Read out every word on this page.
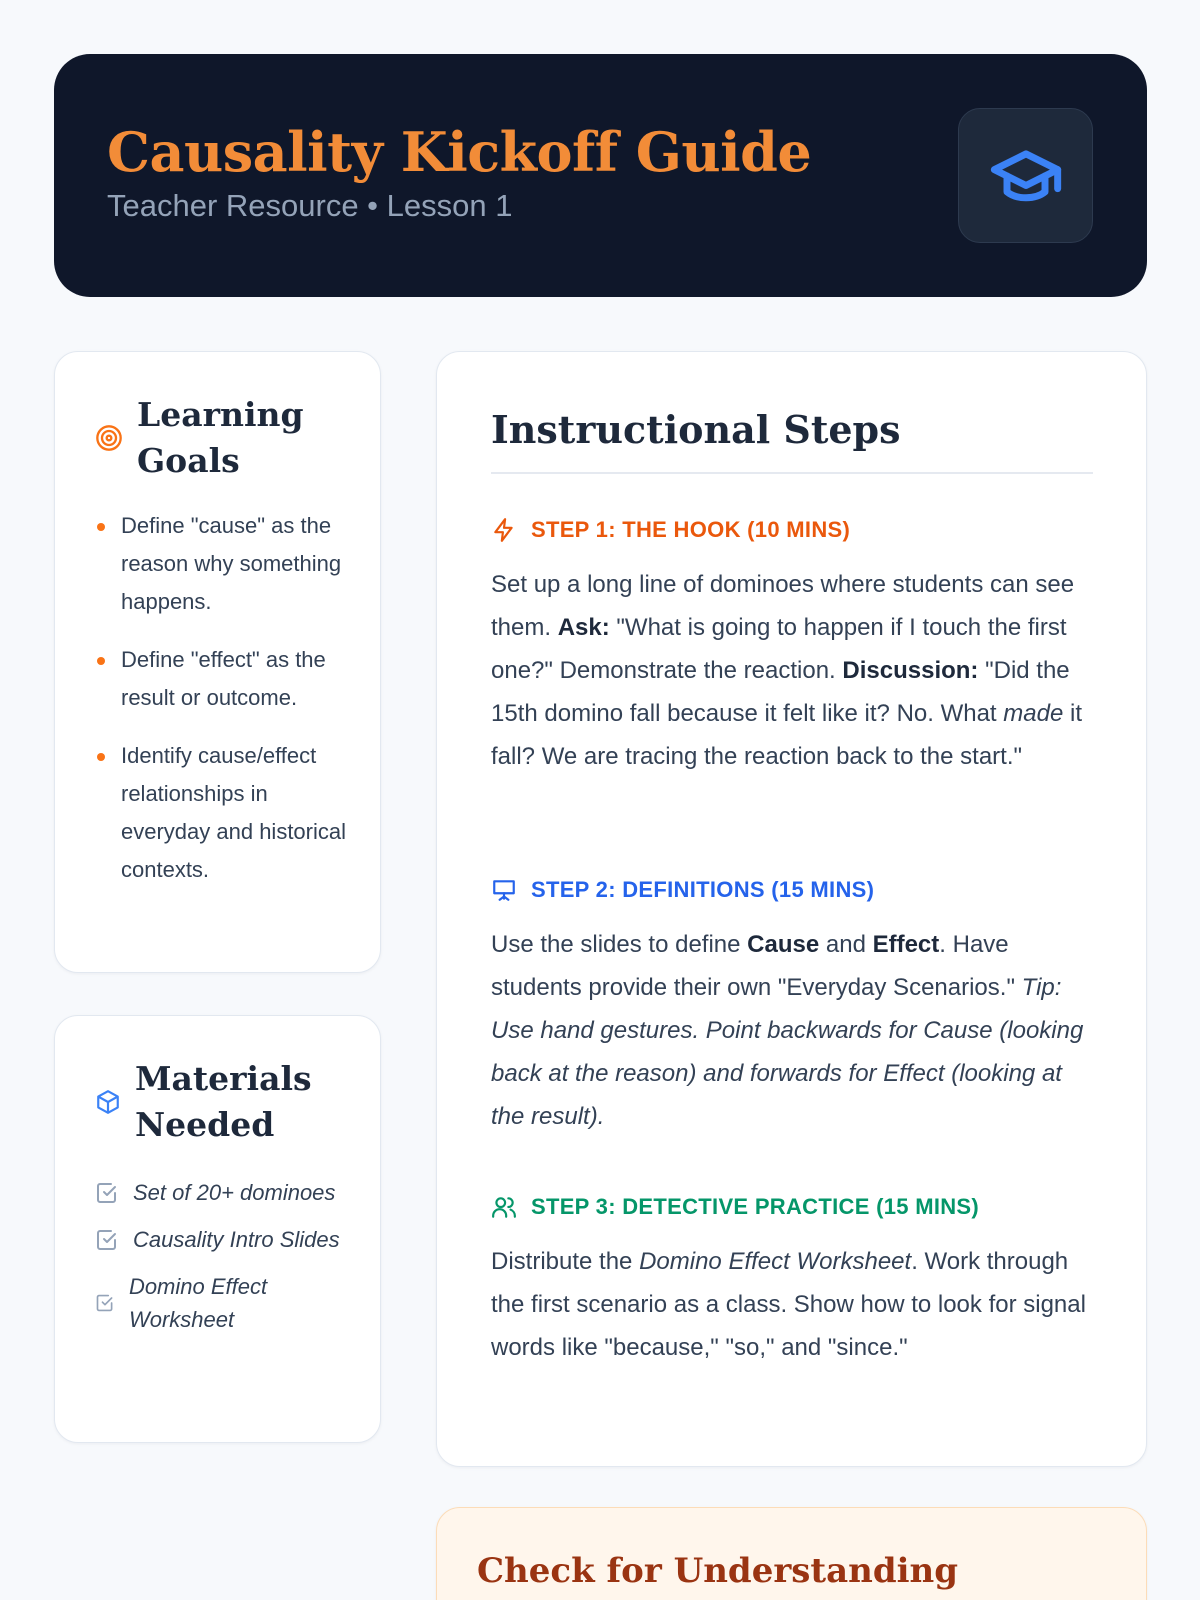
Causality Kickoff Guide
Teacher Resource • Lesson 1
Learning Goals
Define "cause" as the reason why something happens.
Define "effect" as the result or outcome.
Identify cause/effect relationships in everyday and historical contexts.
Materials Needed
Set of 20+ dominoes
Causality Intro Slides
Domino Effect Worksheet
Instructional Steps
STEP 1: THE HOOK (10 MINS)
Set up a long line of dominoes where students can see them. Ask: "What is going to happen if I touch the first one?" Demonstrate the reaction. Discussion: "Did the 15th domino fall because it felt like it? No. What made it fall? We are tracing the reaction back to the start."
STEP 2: DEFINITIONS (15 MINS)
Use the slides to define Cause and Effect. Have students provide their own "Everyday Scenarios." Tip: Use hand gestures. Point backwards for Cause (looking back at the reason) and forwards for Effect (looking at the result).
STEP 3: DETECTIVE PRACTICE (15 MINS)
Distribute the Domino Effect Worksheet. Work through the first scenario as a class. Show how to look for signal words like "because," "so," and "since."
Check for Understanding
